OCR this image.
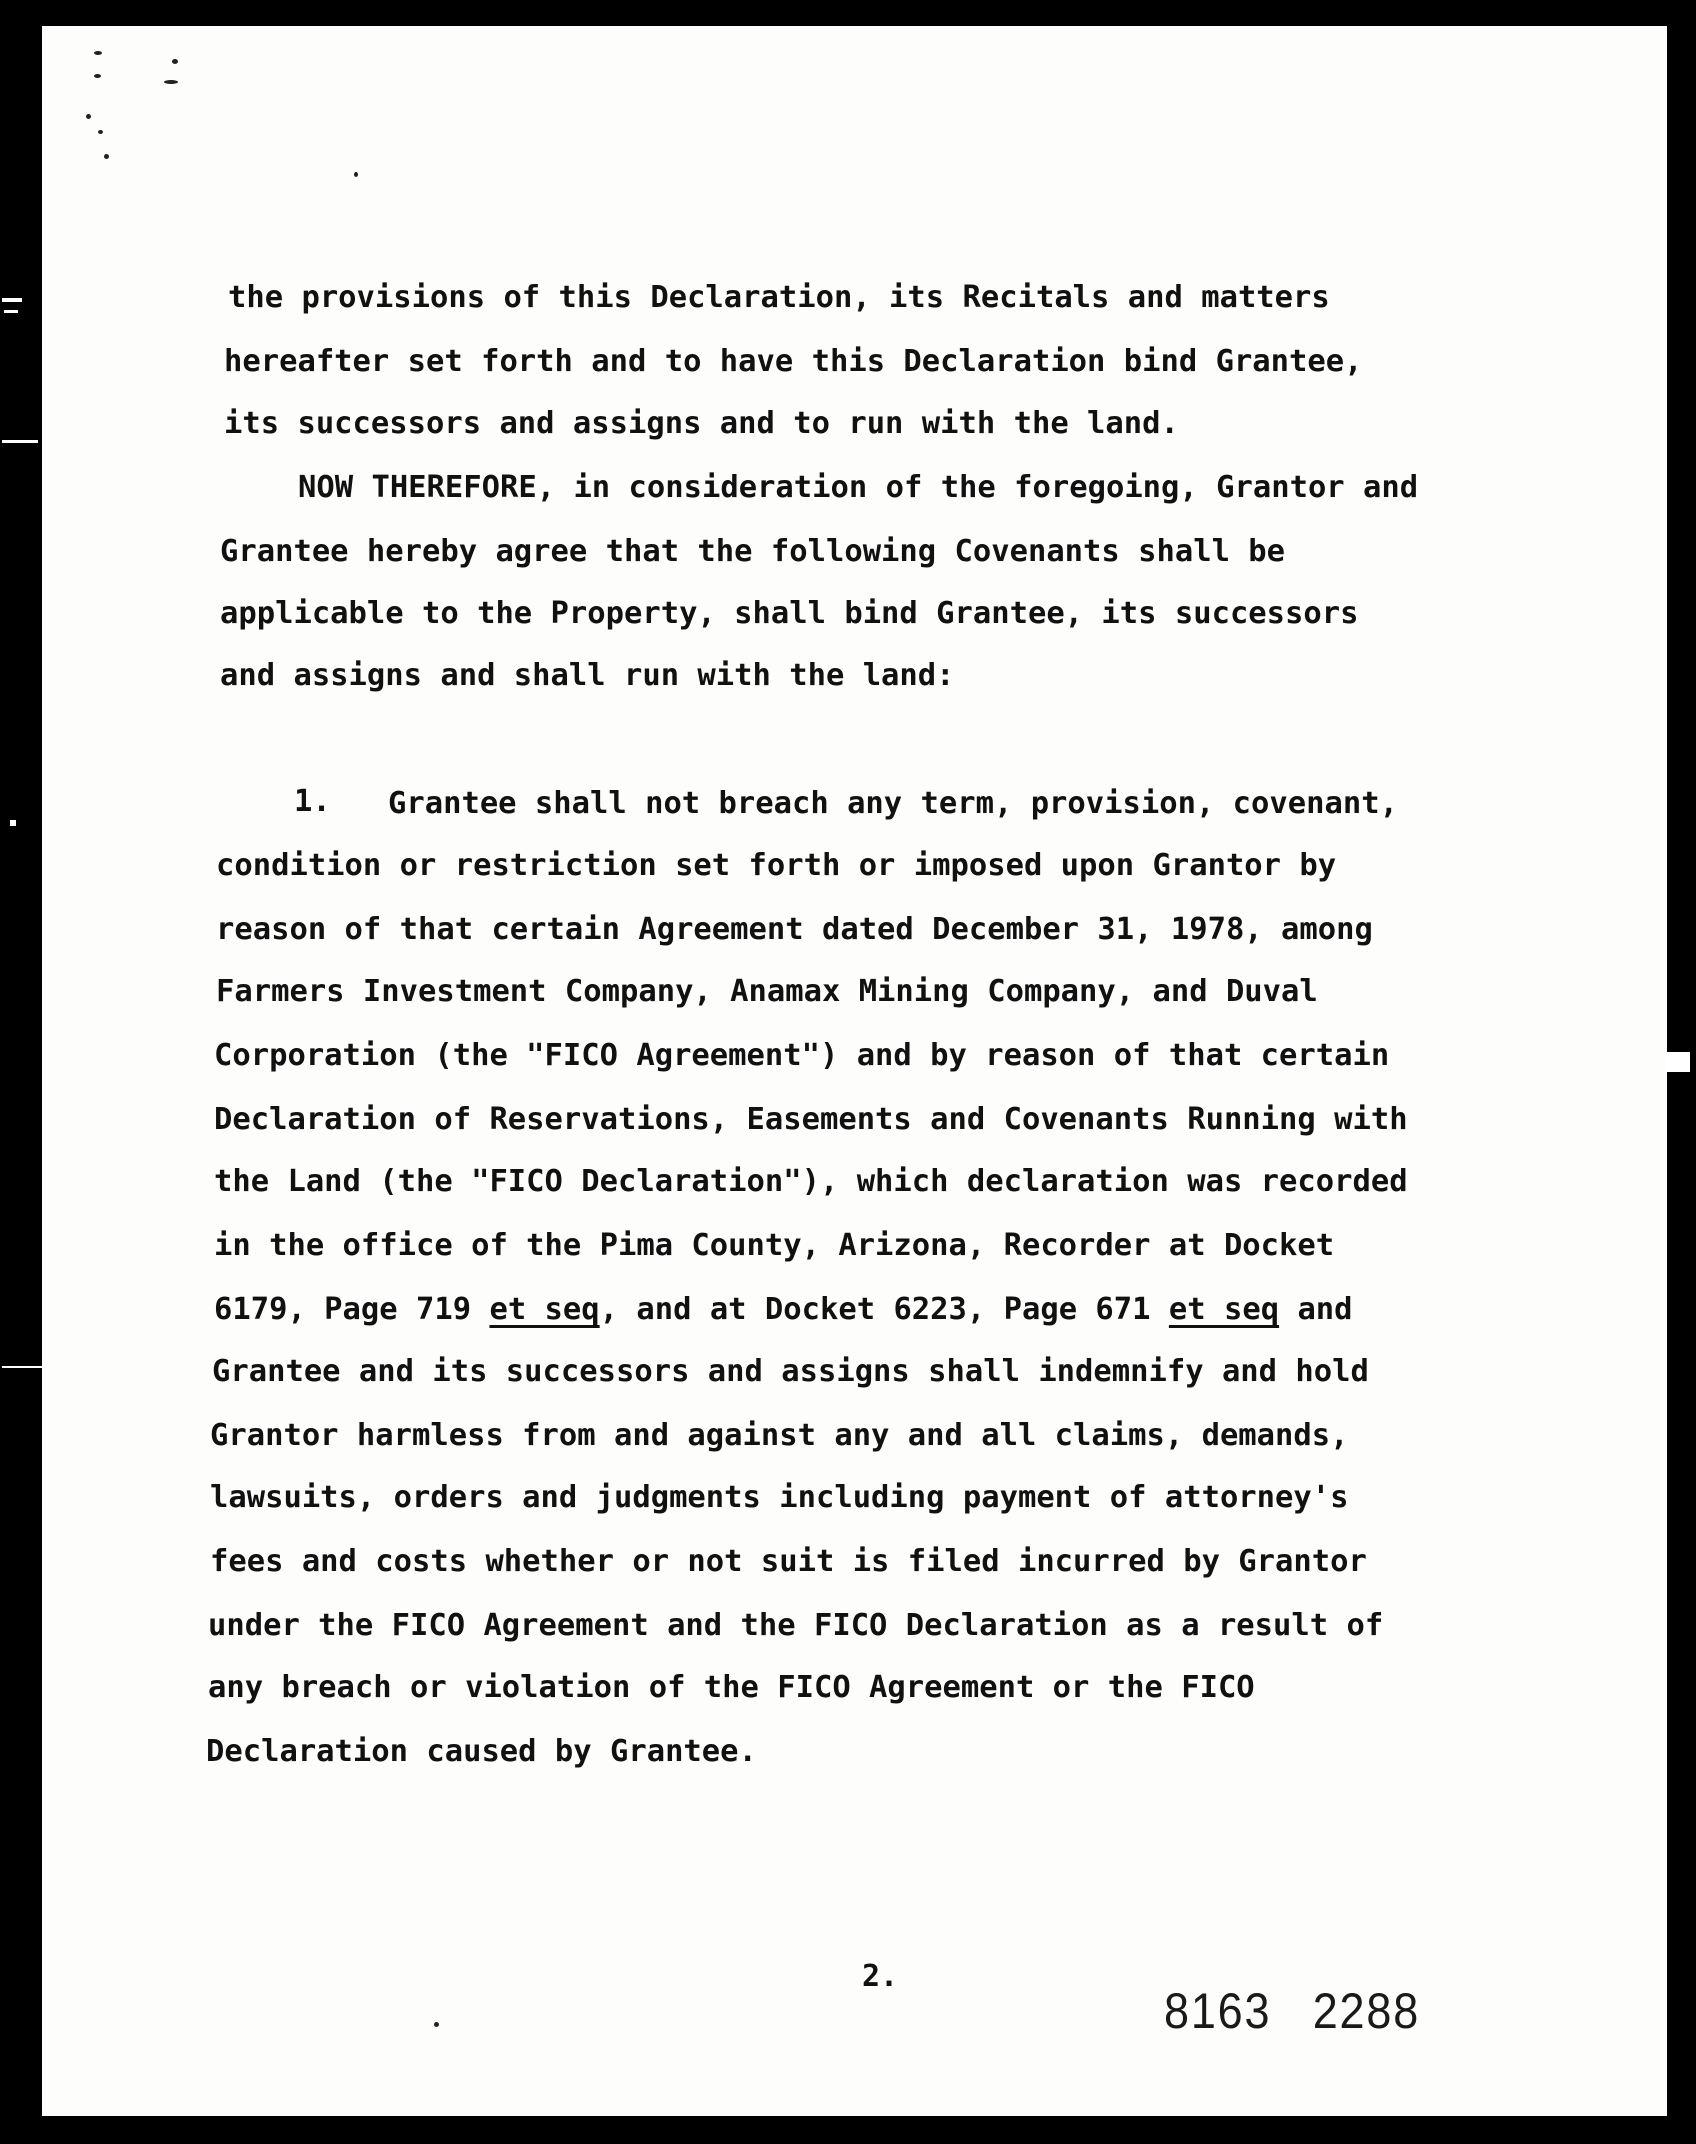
the provisions of this Declaration, its Recitals and matters
hereafter set forth and to have this Declaration bind Grantee,
its successors and assigns and to run with the land.
NOW THEREFORE, in consideration of the foregoing, Grantor and
Grantee hereby agree that the following Covenants shall be
applicable to the Property, shall bind Grantee, its successors
and assigns and shall run with the land:
1. Grantee shall not breach any term, provision, covenant,
condition or restriction set forth or imposed upon Grantor by
reason of that certain Agreement dated December 31, 1978, among
Farmers Investment Company, Anamax Mining Company, and Duval
Corporation (the "FICO Agreement") and by reason of that certain
Declaration of Reservations, Easements and Covenants Running with
the Land (the "FICO Declaration"), which declaration was recorded
in the office of the Pima County, Arizona, Recorder at Docket
6179, Page 719 et seq, and at Docket 6223, Page 671 et seq and
Grantee and its successors and assigns shall indemnify and hold
Grantor harmless from and against any and all claims, demands,
lawsuits, orders and judgments including payment of attorney's
fees and costs whether or not suit is filed incurred by Grantor
under the FICO Agreement and the FICO Declaration as a result of
any breach or violation of the FICO Agreement or the FICO
Declaration caused by Grantee.
2.
8163 2288
